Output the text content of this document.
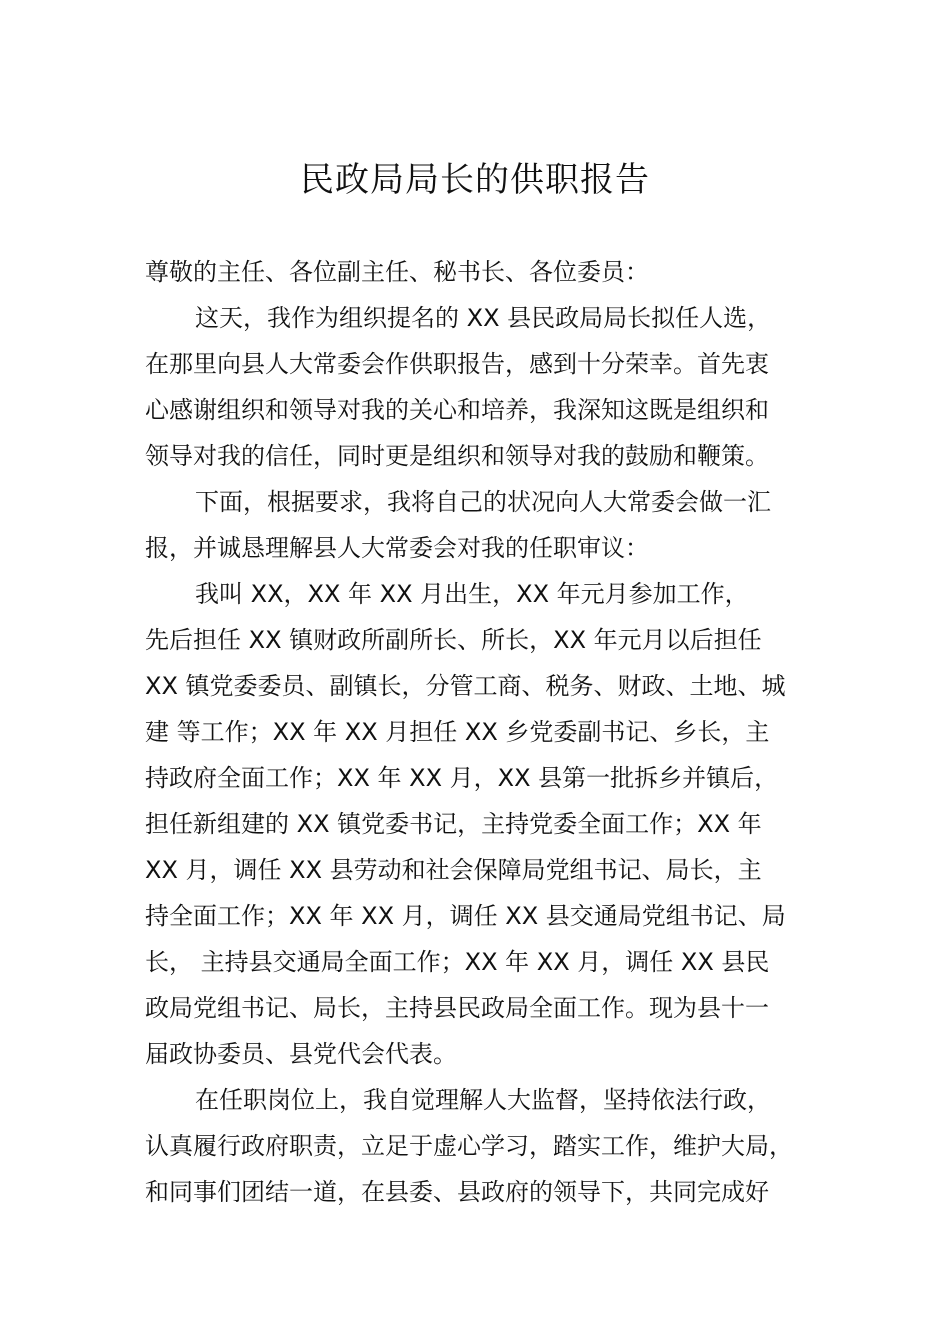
民政局局长的供职报告
尊敬的主任、各位副主任、秘书长、各位委员：
这天，我作为组织提名的 XX 县民政局局长拟任人选，
在那里向县人大常委会作供职报告，感到十分荣幸。首先衷
心感谢组织和领导对我的关心和培养，我深知这既是组织和
领导对我的信任，同时更是组织和领导对我的鼓励和鞭策。
下面，根据要求，我将自己的状况向人大常委会做一汇
报，并诚恳理解县人大常委会对我的任职审议：
我叫 XX，XX 年 XX 月出生，XX 年元月参加工作，
先后担任 XX 镇财政所副所长、所长，XX 年元月以后担任
XX 镇党委委员、副镇长，分管工商、税务、财政、土地、城
建 等工作；XX 年 XX 月担任 XX 乡党委副书记、乡长，主
持政府全面工作；XX 年 XX 月，XX 县第一批拆乡并镇后，
担任新组建的 XX 镇党委书记，主持党委全面工作；XX 年
XX 月，调任 XX 县劳动和社会保障局党组书记、局长，主
持全面工作；XX 年 XX 月，调任 XX 县交通局党组书记、局
长， 主持县交通局全面工作；XX 年 XX 月，调任 XX 县民
政局党组书记、局长，主持县民政局全面工作。现为县十一
届政协委员、县党代会代表。
在任职岗位上，我自觉理解人大监督，坚持依法行政，
认真履行政府职责，立足于虚心学习，踏实工作，维护大局，
和同事们团结一道，在县委、县政府的领导下，共同完成好
